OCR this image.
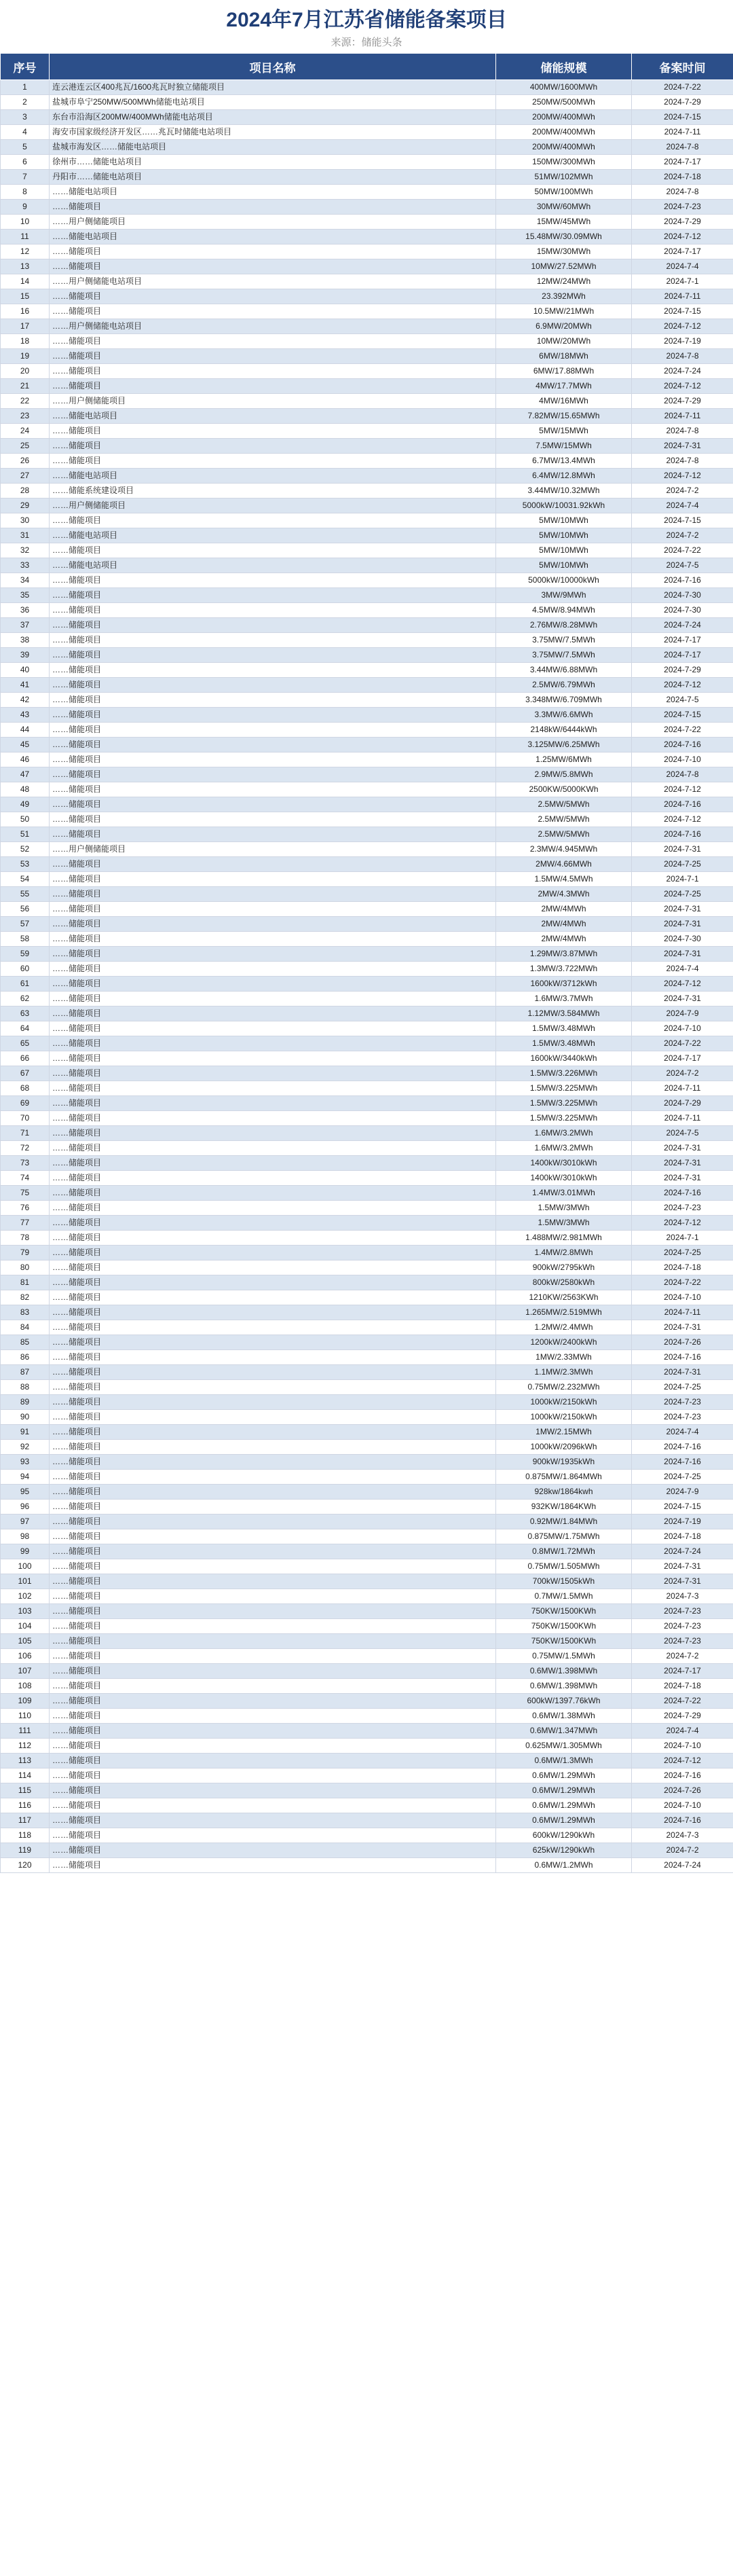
2024年7月江苏省储能备案项目
来源：储能头条
序号	项目名称	储能规模	备案时间
1	连云港连云区400兆瓦/1600兆瓦时独立储能项目	400MW/1600MWh	2024-7-22
2	盐城市阜宁250MW/500MWh储能电站项目	250MW/500MWh	2024-7-29
3	东台市沿海区200MW/400MWh储能电站项目	200MW/400MWh	2024-7-15
4	海安市国家级经济开发区……兆瓦时储能电站项目	200MW/400MWh	2024-7-11
5	盐城市海发区……储能电站项目	200MW/400MWh	2024-7-8
6	徐州市……储能电站项目	150MW/300MWh	2024-7-17
7	丹阳市……储能电站项目	51MW/102MWh	2024-7-18
8	……储能电站项目	50MW/100MWh	2024-7-8
9	……储能项目	30MW/60MWh	2024-7-23
10	……用户侧储能项目	15MW/45MWh	2024-7-29
11	……储能电站项目	15.48MW/30.09MWh	2024-7-12
12	……储能项目	15MW/30MWh	2024-7-17
13	……储能项目	10MW/27.52MWh	2024-7-4
14	……用户侧储能电站项目	12MW/24MWh	2024-7-1
15	……储能项目	23.392MWh	2024-7-11
16	……储能项目	10.5MW/21MWh	2024-7-15
17	……用户侧储能电站项目	6.9MW/20MWh	2024-7-12
18	……储能项目	10MW/20MWh	2024-7-19
19	……储能项目	6MW/18MWh	2024-7-8
20	……储能项目	6MW/17.88MWh	2024-7-24
21	……储能项目	4MW/17.7MWh	2024-7-12
22	……用户侧储能项目	4MW/16MWh	2024-7-29
23	……储能电站项目	7.82MW/15.65MWh	2024-7-11
24	……储能项目	5MW/15MWh	2024-7-8
25	……储能项目	7.5MW/15MWh	2024-7-31
26	……储能项目	6.7MW/13.4MWh	2024-7-8
27	……储能电站项目	6.4MW/12.8MWh	2024-7-12
28	……储能系统建设项目	3.44MW/10.32MWh	2024-7-2
29	……用户侧储能项目	5000kW/10031.92kWh	2024-7-4
30	……储能项目	5MW/10MWh	2024-7-15
31	……储能电站项目	5MW/10MWh	2024-7-2
32	……储能项目	5MW/10MWh	2024-7-22
33	……储能电站项目	5MW/10MWh	2024-7-5
34	……储能项目	5000kW/10000kWh	2024-7-16
35	……储能项目	3MW/9MWh	2024-7-30
36	……储能项目	4.5MW/8.94MWh	2024-7-30
37	……储能项目	2.76MW/8.28MWh	2024-7-24
38	……储能项目	3.75MW/7.5MWh	2024-7-17
39	……储能项目	3.75MW/7.5MWh	2024-7-17
40	……储能项目	3.44MW/6.88MWh	2024-7-29
41	……储能项目	2.5MW/6.79MWh	2024-7-12
42	……储能项目	3.348MW/6.709MWh	2024-7-5
43	……储能项目	3.3MW/6.6MWh	2024-7-15
44	……储能项目	2148kW/6444kWh	2024-7-22
45	……储能项目	3.125MW/6.25MWh	2024-7-16
46	……储能项目	1.25MW/6MWh	2024-7-10
47	……储能项目	2.9MW/5.8MWh	2024-7-8
48	……储能项目	2500KW/5000KWh	2024-7-12
49	……储能项目	2.5MW/5MWh	2024-7-16
50	……储能项目	2.5MW/5MWh	2024-7-12
51	……储能项目	2.5MW/5MWh	2024-7-16
52	……用户侧储能项目	2.3MW/4.945MWh	2024-7-31
53	……储能项目	2MW/4.66MWh	2024-7-25
54	……储能项目	1.5MW/4.5MWh	2024-7-1
55	……储能项目	2MW/4.3MWh	2024-7-25
56	……储能项目	2MW/4MWh	2024-7-31
57	……储能项目	2MW/4MWh	2024-7-31
58	……储能项目	2MW/4MWh	2024-7-30
59	……储能项目	1.29MW/3.87MWh	2024-7-31
60	……储能项目	1.3MW/3.722MWh	2024-7-4
61	……储能项目	1600kW/3712kWh	2024-7-12
62	……储能项目	1.6MW/3.7MWh	2024-7-31
63	……储能项目	1.12MW/3.584MWh	2024-7-9
64	……储能项目	1.5MW/3.48MWh	2024-7-10
65	……储能项目	1.5MW/3.48MWh	2024-7-22
66	……储能项目	1600kW/3440kWh	2024-7-17
67	……储能项目	1.5MW/3.226MWh	2024-7-2
68	……储能项目	1.5MW/3.225MWh	2024-7-11
69	……储能项目	1.5MW/3.225MWh	2024-7-29
70	……储能项目	1.5MW/3.225MWh	2024-7-11
71	……储能项目	1.6MW/3.2MWh	2024-7-5
72	……储能项目	1.6MW/3.2MWh	2024-7-31
73	……储能项目	1400kW/3010kWh	2024-7-31
74	……储能项目	1400kW/3010kWh	2024-7-31
75	……储能项目	1.4MW/3.01MWh	2024-7-16
76	……储能项目	1.5MW/3MWh	2024-7-23
77	……储能项目	1.5MW/3MWh	2024-7-12
78	……储能项目	1.488MW/2.981MWh	2024-7-1
79	……储能项目	1.4MW/2.8MWh	2024-7-25
80	……储能项目	900kW/2795kWh	2024-7-18
81	……储能项目	800kW/2580kWh	2024-7-22
82	……储能项目	1210KW/2563KWh	2024-7-10
83	……储能项目	1.265MW/2.519MWh	2024-7-11
84	……储能项目	1.2MW/2.4MWh	2024-7-31
85	……储能项目	1200kW/2400kWh	2024-7-26
86	……储能项目	1MW/2.33MWh	2024-7-16
87	……储能项目	1.1MW/2.3MWh	2024-7-31
88	……储能项目	0.75MW/2.232MWh	2024-7-25
89	……储能项目	1000kW/2150kWh	2024-7-23
90	……储能项目	1000kW/2150kWh	2024-7-23
91	……储能项目	1MW/2.15MWh	2024-7-4
92	……储能项目	1000kW/2096kWh	2024-7-16
93	……储能项目	900kW/1935kWh	2024-7-16
94	……储能项目	0.875MW/1.864MWh	2024-7-25
95	……储能项目	928kw/1864kwh	2024-7-9
96	……储能项目	932KW/1864KWh	2024-7-15
97	……储能项目	0.92MW/1.84MWh	2024-7-19
98	……储能项目	0.875MW/1.75MWh	2024-7-18
99	……储能项目	0.8MW/1.72MWh	2024-7-24
100	……储能项目	0.75MW/1.505MWh	2024-7-31
101	……储能项目	700kW/1505kWh	2024-7-31
102	……储能项目	0.7MW/1.5MWh	2024-7-3
103	……储能项目	750KW/1500KWh	2024-7-23
104	……储能项目	750KW/1500KWh	2024-7-23
105	……储能项目	750KW/1500KWh	2024-7-23
106	……储能项目	0.75MW/1.5MWh	2024-7-2
107	……储能项目	0.6MW/1.398MWh	2024-7-17
108	……储能项目	0.6MW/1.398MWh	2024-7-18
109	……储能项目	600kW/1397.76kWh	2024-7-22
110	……储能项目	0.6MW/1.38MWh	2024-7-29
111	……储能项目	0.6MW/1.347MWh	2024-7-4
112	……储能项目	0.625MW/1.305MWh	2024-7-10
113	……储能项目	0.6MW/1.3MWh	2024-7-12
114	……储能项目	0.6MW/1.29MWh	2024-7-16
115	……储能项目	0.6MW/1.29MWh	2024-7-26
116	……储能项目	0.6MW/1.29MWh	2024-7-10
117	……储能项目	0.6MW/1.29MWh	2024-7-16
118	……储能项目	600kW/1290kWh	2024-7-3
119	……储能项目	625kW/1290kWh	2024-7-2
120	……储能项目	0.6MW/1.2MWh	2024-7-24
